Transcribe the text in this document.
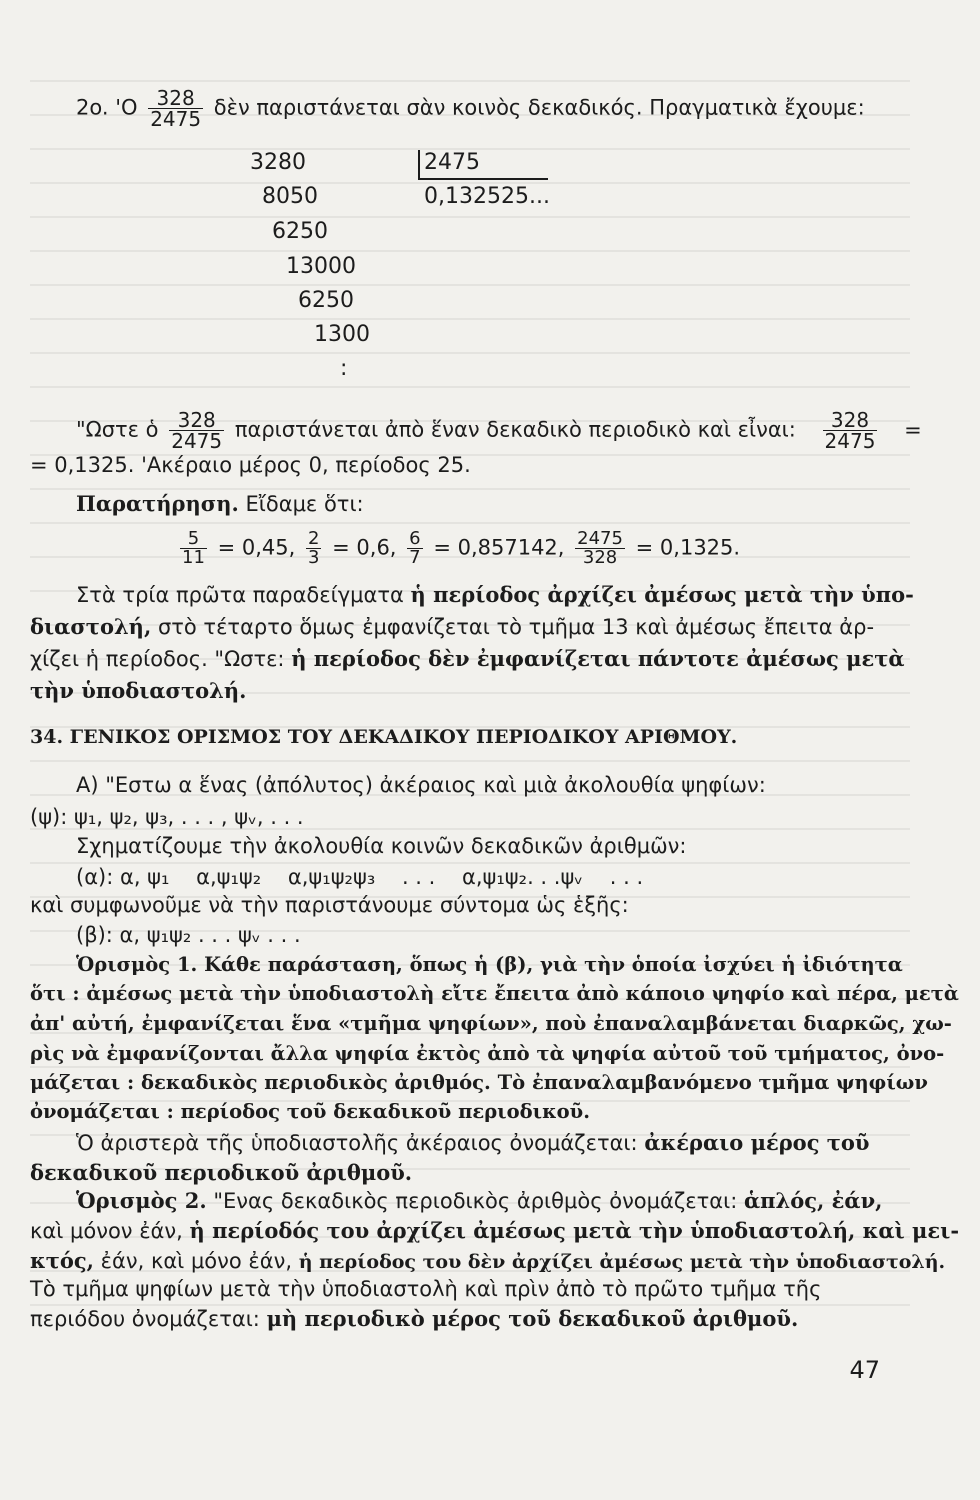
2o. '$O \frac{328}{2475}$ δὲν παριστάνεται σὰν κοινὸς δεκαδικός. Πραγματικὰ ἔχουμε:
3280	2475
0,132525...
8050
6250
13000
6250
1300
:
"Ωστε ὁ $\frac{328}{2475}$ παριστάνεται ἀπὸ ἕναν δεκαδικὸ περιοδικὸ καὶ εἶναι: $\frac{328}{2475}$ =
= 0,1325. 'Ακέραιο μέρος 0, περίοδος 25.
Παρατήρηση. Εἴδαμε ὅτι:
$\frac{5}{11} = 0,45$, $\frac{2}{3} = 0,6$, $\frac{6}{7} = 0,857142$, $\frac{2475}{328} = 0,1325$.
Στὰ τρία πρῶτα παραδείγματα ἡ περίοδος ἀρχίζει ἀμέσως μετὰ τὴν ὑπο-
διαστολή, στὸ τέταρτο ὅμως ἐμφανίζεται τὸ τμῆμα 13 καὶ ἀμέσως ἔπειτα ἀρ-
χίζει ἡ περίοδος. "Ωστε: ἡ περίοδος δὲν ἐμφανίζεται πάντοτε ἀμέσως μετὰ
τὴν ὑποδιαστολή.
34. ΓΕΝΙΚΟΣ ΟΡΙΣΜΟΣ ΤΟΥ ΔΕΚΑΔΙΚΟΥ ΠΕΡΙΟΔΙΚΟΥ ΑΡΙΘΜΟΥ.
A) "Εστω α ἕνας (ἀπόλυτος) ἀκέραιος καὶ μιὰ ἀκολουθία ψηφίων:
(ψ): ψ₁, ψ₂, ψ₃, . . . , ψᵥ, . . .
Σχηματίζουμε τὴν ἀκολουθία κοινῶν δεκαδικῶν ἀριθμῶν:
(α): α, ψ₁    α,ψ₁ψ₂    α,ψ₁ψ₂ψ₃    . . .    α,ψ₁ψ₂. . .ψᵥ    . . .
καὶ συμφωνοῦμε νὰ τὴν παριστάνουμε σύντομα ὡς ἑξῆς:
(β): α, ψ₁ψ₂ . . . ψᵥ . . .
Ὁρισμὸς 1. Κάθε παράσταση, ὅπως ἡ (β), γιὰ τὴν ὁποία ἰσχύει ἡ ἰδιότητα
ὅτι : ἀμέσως μετὰ τὴν ὑποδιαστολὴ εἴτε ἔπειτα ἀπὸ κάποιο ψηφίο καὶ πέρα, μετὰ
ἀπ' αὐτή, ἐμφανίζεται ἕνα «τμῆμα ψηφίων», ποὺ ἐπαναλαμβάνεται διαρκῶς, χω-
ρὶς νὰ ἐμφανίζονται ἄλλα ψηφία ἐκτὸς ἀπὸ τὰ ψηφία αὐτοῦ τοῦ τμήματος, ὀνο-
μάζεται : δεκαδικὸς περιοδικὸς ἀριθμός. Τὸ ἐπαναλαμβανόμενο τμῆμα ψηφίων
ὀνομάζεται : περίοδος τοῦ δεκαδικοῦ περιοδικοῦ.
Ὁ ἀριστερὰ τῆς ὑποδιαστολῆς ἀκέραιος ὀνομάζεται: ἀκέραιο μέρος τοῦ
δεκαδικοῦ περιοδικοῦ ἀριθμοῦ.
Ὁρισμὸς 2. "Ενας δεκαδικὸς περιοδικὸς ἀριθμὸς ὀνομάζεται: ἁπλός, ἐάν,
καὶ μόνον ἐάν, ἡ περίοδός του ἀρχίζει ἀμέσως μετὰ τὴν ὑποδιαστολή, καὶ μει-
κτός, ἐάν, καὶ μόνο ἐάν, ἡ περίοδος του δὲν ἀρχίζει ἀμέσως μετὰ τὴν ὑποδιαστολή.
Τὸ τμῆμα ψηφίων μετὰ τὴν ὑποδιαστολὴ καὶ πρὶν ἀπὸ τὸ πρῶτο τμῆμα τῆς
περιόδου ὀνομάζεται: μὴ περιοδικὸ μέρος τοῦ δεκαδικοῦ ἀριθμοῦ.
47
